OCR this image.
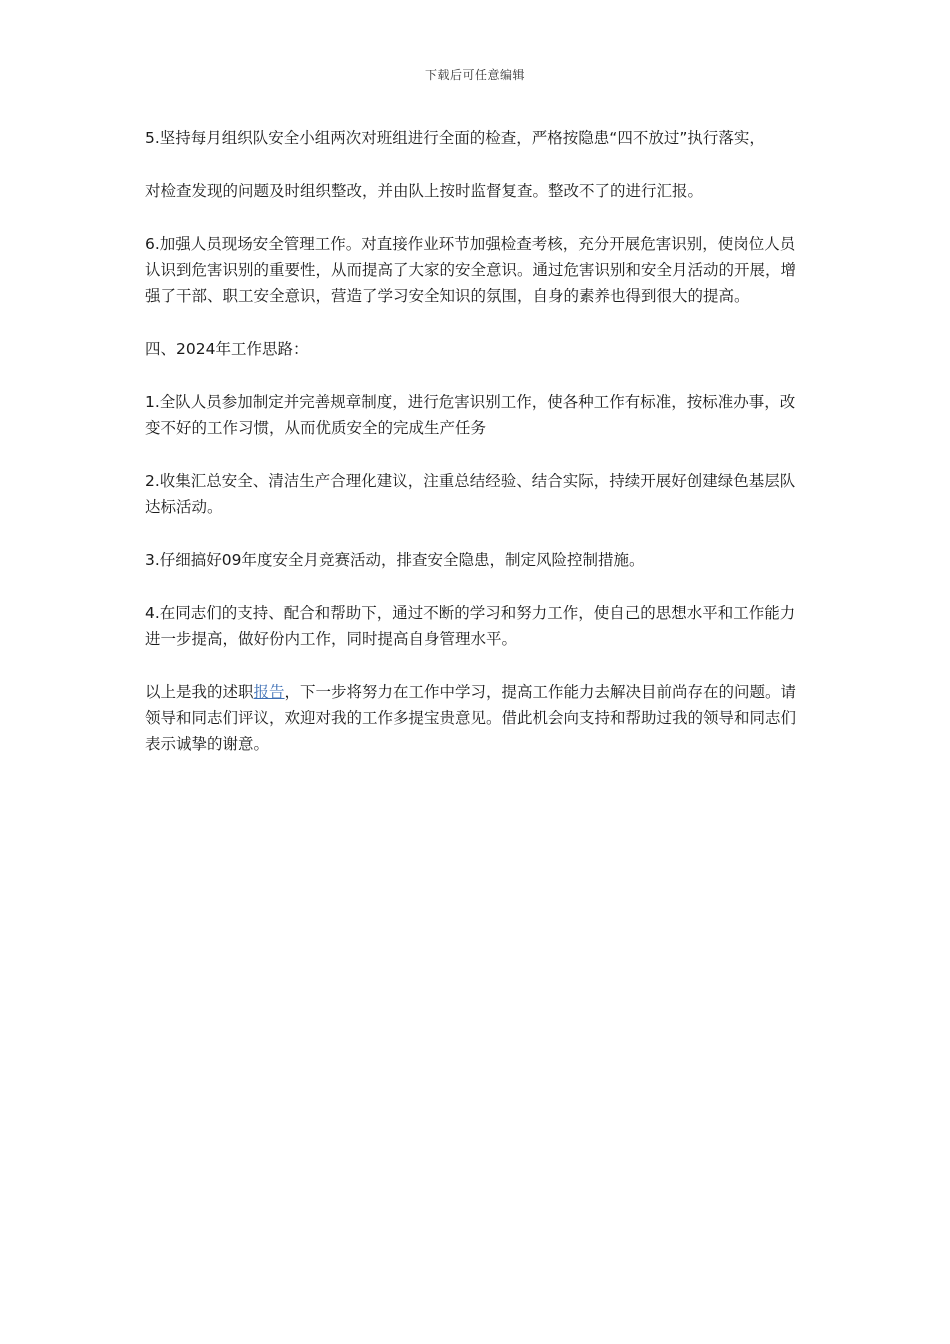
下载后可任意编辑

5.坚持每月组织队安全小组两次对班组进行全面的检查，严格按隐患“四不放过”执行落实，

对检查发现的问题及时组织整改，并由队上按时监督复查。整改不了的进行汇报。

6.加强人员现场安全管理工作。对直接作业环节加强检查考核，充分开展危害识别，使岗位人员认识到危害识别的重要性，从而提高了大家的安全意识。通过危害识别和安全月活动的开展，增强了干部、职工安全意识，营造了学习安全知识的氛围，自身的素养也得到很大的提高。

四、2024年工作思路：

1.全队人员参加制定并完善规章制度，进行危害识别工作，使各种工作有标准，按标准办事，改变不好的工作习惯，从而优质安全的完成生产任务

2.收集汇总安全、清洁生产合理化建议，注重总结经验、结合实际，持续开展好创建绿色基层队达标活动。

3.仔细搞好09年度安全月竞赛活动，排查安全隐患，制定风险控制措施。

4.在同志们的支持、配合和帮助下，通过不断的学习和努力工作，使自己的思想水平和工作能力进一步提高，做好份内工作，同时提高自身管理水平。

以上是我的述职报告，下一步将努力在工作中学习，提高工作能力去解决目前尚存在的问题。请领导和同志们评议，欢迎对我的工作多提宝贵意见。借此机会向支持和帮助过我的领导和同志们表示诚挚的谢意。
